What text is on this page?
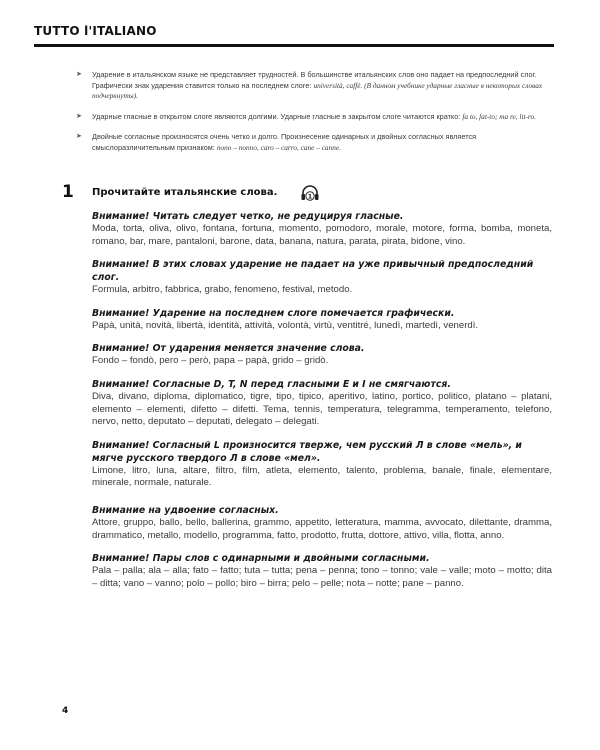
TUTTO l'ITALIANO
➤ Ударение в итальянском языке не представляет трудностей. В большинстве итальянских слов оно падает на предпоследний слог. Графически знак ударения ставится только на последнем слоге: università, caffè. (В данном учебнике ударные гласные в некоторых словах подчеркнуты).
➤ Ударные гласные в открытом слоге являются долгими. Ударные гласные в закрытом слоге читаются кратко: fa to, fat-to; ma re, lit-ro.
➤ Двойные согласные произносятся очень четко и долго. Произнесение одинарных и двойных согласных является смыслоразличительным признаком: nono – nonno, caro – carro, cane – canne.
1 Прочитайте итальянские слова.	1
Внимание! Читать следует четко, не редуцируя гласные.

Moda, torta, oliva, olivo, fontana, fortuna, momento, pomodoro, morale, motore, forma, bomba, moneta, romano, bar, mare, pantaloni, barone, data, banana, natura, parata, pirata, bidone, vino.

Внимание! В этих словах ударение не падает на уже привычный предпоследний слог.

Formula, arbitro, fabbrica, grabo, fenomeno, festival, metodo.

Внимание! Ударение на последнем слоге помечается графически.

Papà, unità, novità, libertà, identità, attività, volontà, virtù, ventitré, lunedì, martedì, venerdì.

Внимание! От ударения меняется значение слова.

Fondo – fondò, pero – però, papa – papà, grido – gridò.

Внимание! Согласные D, T, N перед гласными E и I не смягчаются.

Diva, divano, diploma, diplomatico, tigre, tipo, tipico, aperitivo, latino, portico, politico, platano – platani, elemento – elementi, difetto – difetti. Tema, tennis, temperatura, telegramma, temperamento, telefono, nervo, netto, deputato – deputati, delegato – delegati.

Внимание! Согласный L произносится тверже, чем русский Л в слове «мель», и мягче русского твердого Л в слове «мел».

Limone, litro, luna, altare, filtro, film, atleta, elemento, talento, problema, banale, finale, elementare, minerale, normale, naturale.

Внимание на удвоение согласных.

Attore, gruppo, ballo, bello, ballerina, grammo, appetito, letteratura, mamma, avvocato, dilettante, dramma, drammatico, metallo, modello, programma, fatto, prodotto, frutta, dottore, attivo, villa, flotta, anno.

Внимание! Пары слов с одинарными и двойными согласными.

Pala – palla; ala – alla; fato – fatto; tuta – tutta; pena – penna; tono – tonno; vale – valle; moto – motto; dita – ditta; vano – vanno; polo – pollo; biro – birra; pelo – pelle; nota – notte; pane – panno.

4
